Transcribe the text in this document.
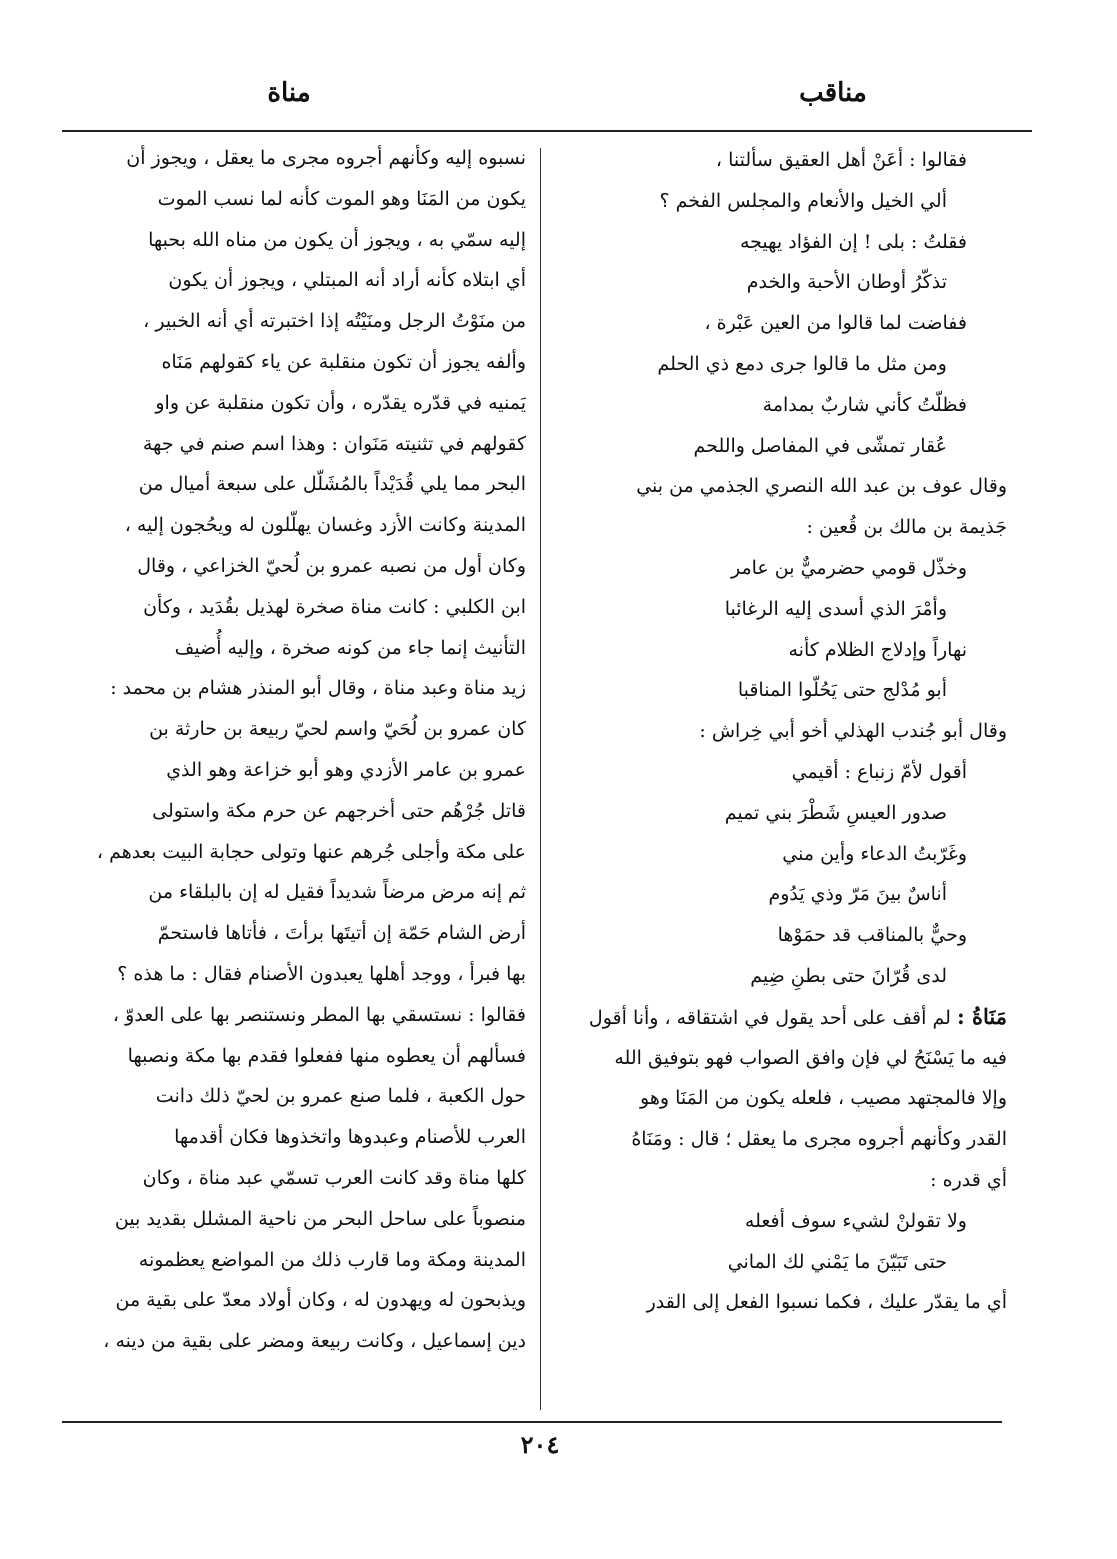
مناقب
مناة
فقالوا : أعَنْ أهل العقيق سألتنا ،
ألي الخيل والأنعام والمجلس الفخم ؟
فقلتُ : بلى ! إن الفؤاد يهيجه
تذكّرُ أوطان الأحبة والخدم
ففاضت لما قالوا من العين عَبْرة ،
ومن مثل ما قالوا جرى دمع ذي الحلم
فظلّتُ كأني شاربٌ بمدامة
عُقار تمشّى في المفاصل واللحم
وقال عوف بن عبد الله النصري الجذمي من بني
جَذيمة بن مالك بن قُعين :
وخذّل قومي حضرميٌّ بن عامر
وأمْرَ الذي أسدى إليه الرغائبا
نهاراً وإدلاج الظلام كأنه
أبو مُدْلج حتى يَحُلّوا المناقبا
وقال أبو جُندب الهذلي أخو أبي خِراش :
أقول لأمّ زنباع : أقيمي
صدور العيسِ شَطْرَ بني تميم
وغَرّبتُ الدعاء وأين مني
أناسٌ بينَ مَرّ وذي يَدُوم
وحيٌّ بالمناقب قد حمَوْها
لدى قُرّانَ حتى بطنِ ضِيم
مَنَاةُ : لم أقف على أحد يقول في اشتقاقه ، وأنا أقول
فيه ما يَسْنَحُ لي فإن وافق الصواب فهو بتوفيق الله
وإلا فالمجتهد مصيب ، فلعله يكون من المَنَا وهو
القدر وكأنهم أجروه مجرى ما يعقل ؛ قال : ومَنَاهُ
أي قدره :
ولا تقولنْ لشيء سوف أفعله
حتى تَبَيّنَ ما يَمْني لك الماني
أي ما يقدّر عليك ، فكما نسبوا الفعل إلى القدر
نسبوه إليه وكأنهم أجروه مجرى ما يعقل ، ويجوز أن
يكون من المَنَا وهو الموت كأنه لما نسب الموت
إليه سمّي به ، ويجوز أن يكون من مناه الله بحبها
أي ابتلاه كأنه أراد أنه المبتلي ، ويجوز أن يكون
من منَوْتُ الرجل ومنَيْتُه إذا اختبرته أي أنه الخبير ،
وألفه يجوز أن تكون منقلبة عن ياء كقولهم مَنَاه
يَمنيه في قدّره يقدّره ، وأن تكون منقلبة عن واو
كقولهم في تثنيته مَنَوان : وهذا اسم صنم في جهة
البحر مما يلي قُدَيْداً بالمُشَلّل على سبعة أميال من
المدينة وكانت الأزد وغسان يهلّلون له ويحُجون إليه ،
وكان أول من نصبه عمرو بن لُحيّ الخزاعي ، وقال
ابن الكلبي : كانت مناة صخرة لهذيل بقُدَيد ، وكأن
التأنيث إنما جاء من كونه صخرة ، وإليه أُضيف
زيد مناة وعبد مناة ، وقال أبو المنذر هشام بن محمد :
كان عمرو بن لُحَيّ واسم لحيّ ربيعة بن حارثة بن
عمرو بن عامر الأزدي وهو أبو خزاعة وهو الذي
قاتل جُرْهُم حتى أخرجهم عن حرم مكة واستولى
على مكة وأجلى جُرهم عنها وتولى حجابة البيت بعدهم ،
ثم إنه مرض مرضاً شديداً فقيل له إن بالبلقاء من
أرض الشام حَمّة إن أتيتَها برأتَ ، فأتاها فاستحمّ
بها فبرأ ، ووجد أهلها يعبدون الأصنام فقال : ما هذه ؟
فقالوا : نستسقي بها المطر ونستنصر بها على العدوّ ،
فسألهم أن يعطوه منها ففعلوا فقدم بها مكة ونصبها
حول الكعبة ، فلما صنع عمرو بن لحيّ ذلك دانت
العرب للأصنام وعبدوها واتخذوها فكان أقدمها
كلها مناة وقد كانت العرب تسمّي عبد مناة ، وكان
منصوباً على ساحل البحر من ناحية المشلل بقديد بين
المدينة ومكة وما قارب ذلك من المواضع يعظمونه
ويذبحون له ويهدون له ، وكان أولاد معدّ على بقية من
دين إسماعيل ، وكانت ربيعة ومضر على بقية من دينه ،
٢٠٤
